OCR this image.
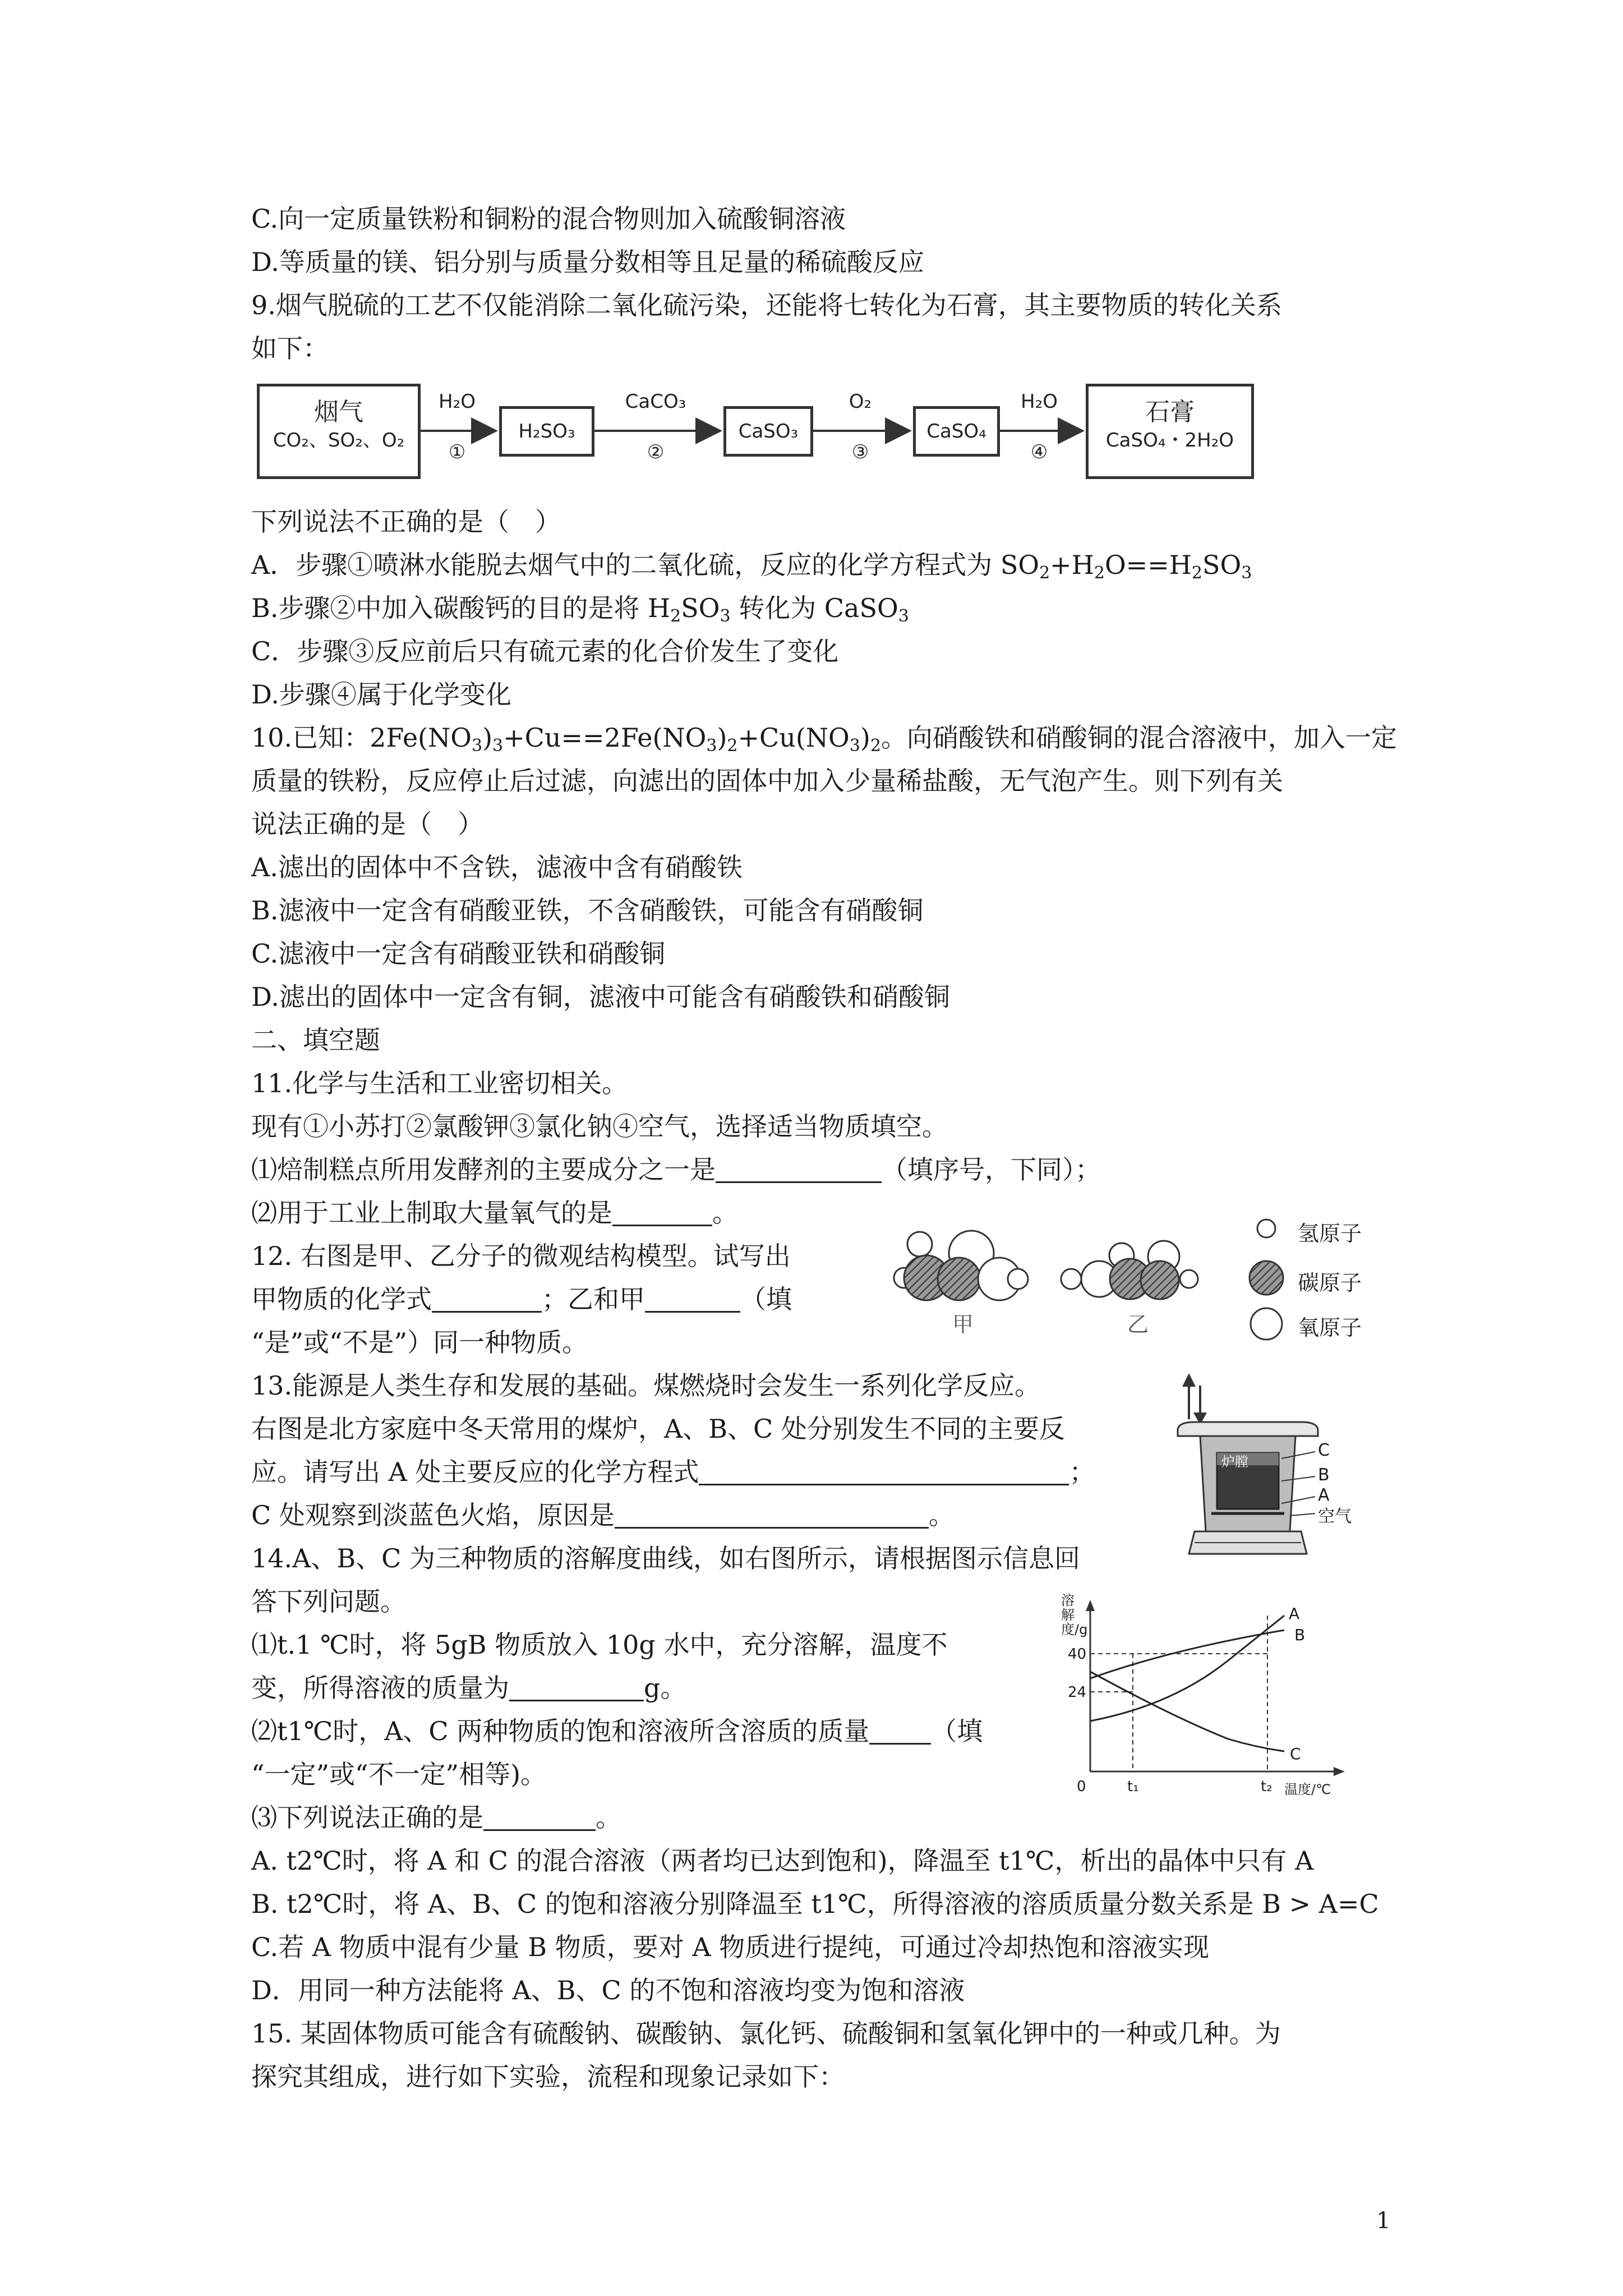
C.向一定质量铁粉和铜粉的混合物则加入硫酸铜溶液
D.等质量的镁、铝分别与质量分数相等且足量的稀硫酸反应
9.烟气脱硫的工艺不仅能消除二氧化硫污染，还能将七转化为石膏，其主要物质的转化关系
如下：
烟气
CO₂、SO₂、O₂
H₂O
①
H₂SO₃
CaCO₃
②
CaSO₃
O₂
③
CaSO₄
H₂O
④
石膏
CaSO₄・2H₂O
下列说法不正确的是（　）
A．步骤①喷淋水能脱去烟气中的二氧化硫，反应的化学方程式为 $SO_2+H_2O==H_2SO_3$
B.步骤②中加入碳酸钙的目的是将 $H_2SO_3$ 转化为 CaSO$_3$
C．步骤③反应前后只有硫元素的化合价发生了变化
D.步骤④属于化学变化
10.已知：$2Fe(NO_3)_3+Cu==2Fe(NO_3)_2+Cu(NO_3)_2$。向硝酸铁和硝酸铜的混合溶液中，加入一定
质量的铁粉，反应停止后过滤，向滤出的固体中加入少量稀盐酸，无气泡产生。则下列有关
说法正确的是（　）
A.滤出的固体中不含铁，滤液中含有硝酸铁
B.滤液中一定含有硝酸亚铁，不含硝酸铁，可能含有硝酸铜
C.滤液中一定含有硝酸亚铁和硝酸铜
D.滤出的固体中一定含有铜，滤液中可能含有硝酸铁和硝酸铜
二、填空题
11.化学与生活和工业密切相关。
现有①小苏打②氯酸钾③氯化钠④空气，选择适当物质填空。
⑴焙制糕点所用发酵剂的主要成分之一是	（填序号，下同）；
⑵用于工业上制取大量氧气的是	。
12. 右图是甲、乙分子的微观结构模型。试写出
甲物质的化学式	；乙和甲	（填
“是”或“不是”）同一种物质。
氢原子
碳原子
氧原子
甲	乙
13.能源是人类生存和发展的基础。煤燃烧时会发生一系列化学反应。
右图是北方家庭中冬天常用的煤炉，A、B、C 处分别发生不同的主要反
应。请写出 A 处主要反应的化学方程式	；
C 处观察到淡蓝色火焰，原因是	。
炉膛
C
B
A
空气
14.A、B、C 为三种物质的溶解度曲线，如右图所示，请根据图示信息回
答下列问题。
⑴t.1 ℃时，将 5gB 物质放入 10g 水中，充分溶解，温度不
变，所得溶液的质量为	g。
⑵t1℃时，A、C 两种物质的饱和溶液所含溶质的质量 （填
“一定”或“不一定”相等)。
⑶下列说法正确的是	。
A. t2℃时，将 A 和 C 的混合溶液（两者均已达到饱和)，降温至 t1℃，析出的晶体中只有 A
B. t2℃时，将 A、B、C 的饱和溶液分别降温至 t1℃，所得溶液的溶质质量分数关系是 B > A=C
C.若 A 物质中混有少量 B 物质，要对 A 物质进行提纯，可通过冷却热饱和溶液实现
D．用同一种方法能将 A、B、C 的不饱和溶液均变为饱和溶液
15. 某固体物质可能含有硫酸钠、碳酸钠、氯化钙、硫酸铜和氢氧化钾中的一种或几种。为
探究其组成，进行如下实验，流程和现象记录如下：
溶解度/g
40
24
0	t₁	t₂ 温度/℃
A
B
C
1
